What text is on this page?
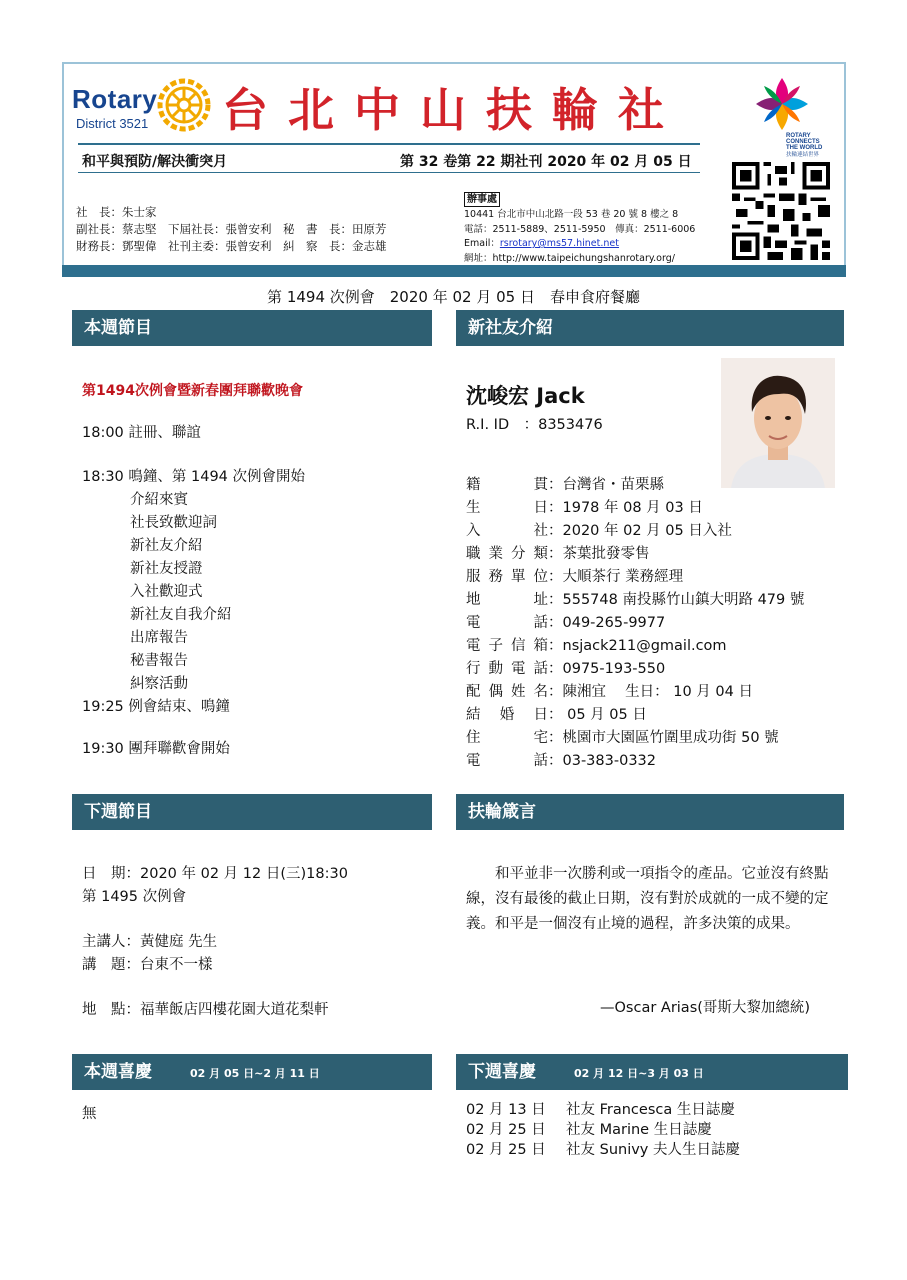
Rotary
District 3521 台北中山扶輪社
和平與預防/解決衝突月	第 32 卷第 22 期社刊 2020 年 02 月 05 日
社　長：朱士家
副社長：蔡志堅　下屆社長：張曾安利　秘　書　長：田原芳
財務長：鄧聖偉　社刊主委：張曾安利　糾　察　長：金志雄
辦事處
10441 台北市中山北路一段 53 巷 20 號 8 樓之 8
電話：2511-5889、2511-5950　傳真：2511-6006
Email：rsrotary@ms57.hinet.net
網址：http://www.taipeichungshanrotary.org/
ROTARY
CONNECTS
THE WORLD
扶輪連結世界
第 1494 次例會　2020 年 02 月 05 日　春申食府餐廳
本週節目
第1494次例會暨新春團拜聯歡晚會
18:00 註冊、聯誼
18:30 鳴鐘、第 1494 次例會開始
介紹來賓
社長致歡迎詞
新社友介紹
新社友授證
入社歡迎式
新社友自我介紹
出席報告
秘書報告
糾察活動
19:25 例會結束、鳴鐘
19:30 團拜聯歡會開始
新社友介紹
沈峻宏 Jack
R.I. ID　：8353476
籍貫：台灣省・苗栗縣
生日：1978 年 08 月 03 日
入社：2020 年 02 月 05 日入社
職業分類：茶葉批發零售
服務單位：大順茶行 業務經理
地址：555748 南投縣竹山鎮大明路 479 號
電話：049-265-9977
電子信箱：nsjack211@gmail.com
行動電話：0975-193-550
配偶姓名：陳湘宜　 生日： 10 月 04 日
結婚日： 05 月 05 日
住宅：桃園市大園區竹圍里成功街 50 號
電話：03-383-0332
下週節目
日　期：2020 年 02 月 12 日(三)18:30
第 1495 次例會
主講人：黃健庭 先生
講　題：台東不一樣
地　點：福華飯店四樓花園大道花梨軒
扶輪箴言
和平並非一次勝利或一項指令的產品。它並沒有終點線，沒有最後的截止日期，沒有對於成就的一成不變的定義。和平是一個沒有止境的過程，許多決策的成果。
—Oscar Arias(哥斯大黎加總統)
本週喜慶	02 月 05 日~2 月 11 日
無
下週喜慶	02 月 12 日~3 月 03 日
02 月 13 日 社友 Francesca 生日誌慶
02 月 25 日 社友 Marine 生日誌慶
02 月 25 日 社友 Sunivy 夫人生日誌慶
